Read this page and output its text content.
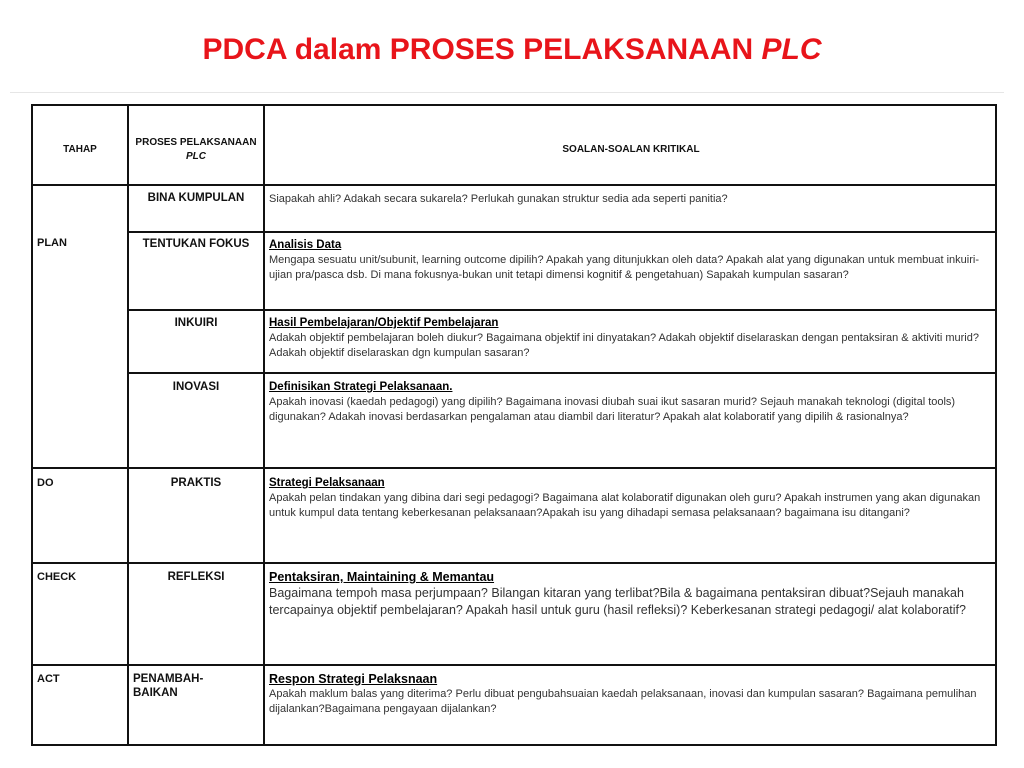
PDCA dalam PROSES PELAKSANAAN PLC
TAHAP
PROSES PELAKSANAAN
PLC
SOALAN-SOALAN KRITIKAL
PLAN
DO
CHECK
ACT
BINA KUMPULAN
TENTUKAN FOKUS
INKUIRI
INOVASI
PRAKTIS
REFLEKSI
PENAMBAH-
BAIKAN
Siapakah ahli? Adakah secara sukarela? Perlukah gunakan struktur sedia ada seperti panitia?
Analisis Data
Mengapa sesuatu unit/subunit, learning outcome dipilih? Apakah yang ditunjukkan oleh data? Apakah alat yang digunakan untuk membuat inkuiri-ujian pra/pasca dsb. Di mana fokusnya-bukan unit tetapi dimensi kognitif & pengetahuan) Sapakah kumpulan sasaran?
Hasil Pembelajaran/Objektif Pembelajaran
Adakah objektif pembelajaran boleh diukur? Bagaimana objektif ini dinyatakan? Adakah objektif diselaraskan dengan pentaksiran & aktiviti murid? Adakah objektif diselaraskan dgn kumpulan sasaran?
Definisikan Strategi Pelaksanaan.
Apakah inovasi (kaedah pedagogi) yang dipilih? Bagaimana inovasi diubah suai ikut sasaran murid? Sejauh manakah teknologi (digital tools) digunakan? Adakah inovasi berdasarkan pengalaman atau diambil dari literatur? Apakah alat kolaboratif yang dipilih & rasionalnya?
Strategi Pelaksanaan
Apakah pelan tindakan yang dibina dari segi pedagogi? Bagaimana alat kolaboratif digunakan oleh guru? Apakah instrumen yang akan digunakan untuk kumpul data tentang keberkesanan pelaksanaan?Apakah isu yang dihadapi semasa pelaksanaan? bagaimana isu ditangani?
Pentaksiran, Maintaining & Memantau
Bagaimana tempoh masa perjumpaan? Bilangan kitaran yang terlibat?Bila & bagaimana pentaksiran dibuat?Sejauh manakah tercapainya objektif pembelajaran? Apakah hasil untuk guru (hasil refleksi)? Keberkesanan strategi pedagogi/ alat kolaboratif?
Respon Strategi Pelaksnaan
Apakah maklum balas yang diterima? Perlu dibuat pengubahsuaian kaedah pelaksanaan, inovasi dan kumpulan sasaran? Bagaimana pemulihan dijalankan?Bagaimana pengayaan dijalankan?
